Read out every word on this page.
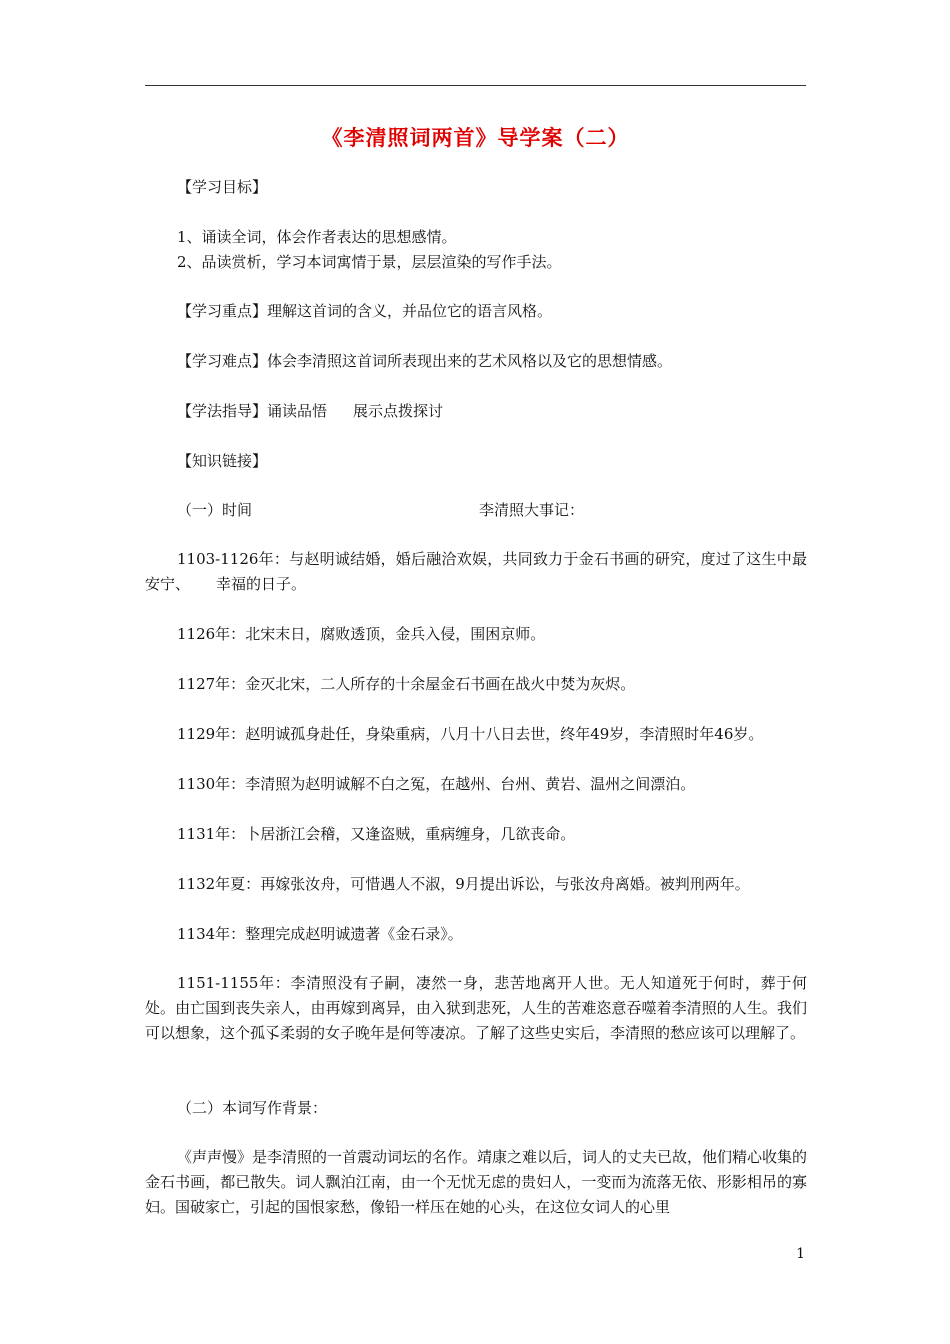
《李清照词两首》导学案（二）
【学习目标】
1、诵读全词，体会作者表达的思想感情。
2、品读赏析，学习本词寓情于景，层层渲染的写作手法。
【学习重点】理解这首词的含义，并品位它的语言风格。
【学习难点】体会李清照这首词所表现出来的艺术风格以及它的思想情感。
【学法指导】诵读品悟 展示点拨探讨
【知识链接】
（一）时间	李清照大事记：
1103-1126年：与赵明诚结婚，婚后融洽欢娱，共同致力于金石书画的研究，度过了这生中最安宁、 幸福的日子。
1126年：北宋末日，腐败透顶，金兵入侵，围困京师。
1127年：金灭北宋，二人所存的十余屋金石书画在战火中焚为灰烬。
1129年：赵明诚孤身赴任，身染重病，八月十八日去世，终年49岁，李清照时年46岁。
1130年：李清照为赵明诚解不白之冤，在越州、台州、黄岩、温州之间漂泊。
1131年：卜居浙江会稽，又逢盗贼，重病缠身，几欲丧命。
1132年夏：再嫁张汝舟，可惜遇人不淑，9月提出诉讼，与张汝舟离婚。被判刑两年。
1134年：整理完成赵明诚遗著《金石录》。
1151-1155年：李清照没有子嗣，凄然一身，悲苦地离开人世。无人知道死于何时，葬于何处。由亡国到丧失亲人，由再嫁到离异，由入狱到悲死，人生的苦难恣意吞噬着李清照的人生。我们可以想象，这个孤孓柔弱的女子晚年是何等凄凉。了解了这些史实后，李清照的愁应该可以理解了。
（二）本词写作背景：
《声声慢》是李清照的一首震动词坛的名作。靖康之难以后，词人的丈夫已故，他们精心收集的金石书画，都已散失。词人飘泊江南，由一个无忧无虑的贵妇人，一变而为流落无依、形影相吊的寡妇。国破家亡，引起的国恨家愁，像铅一样压在她的心头，在这位女词人的心里
1
